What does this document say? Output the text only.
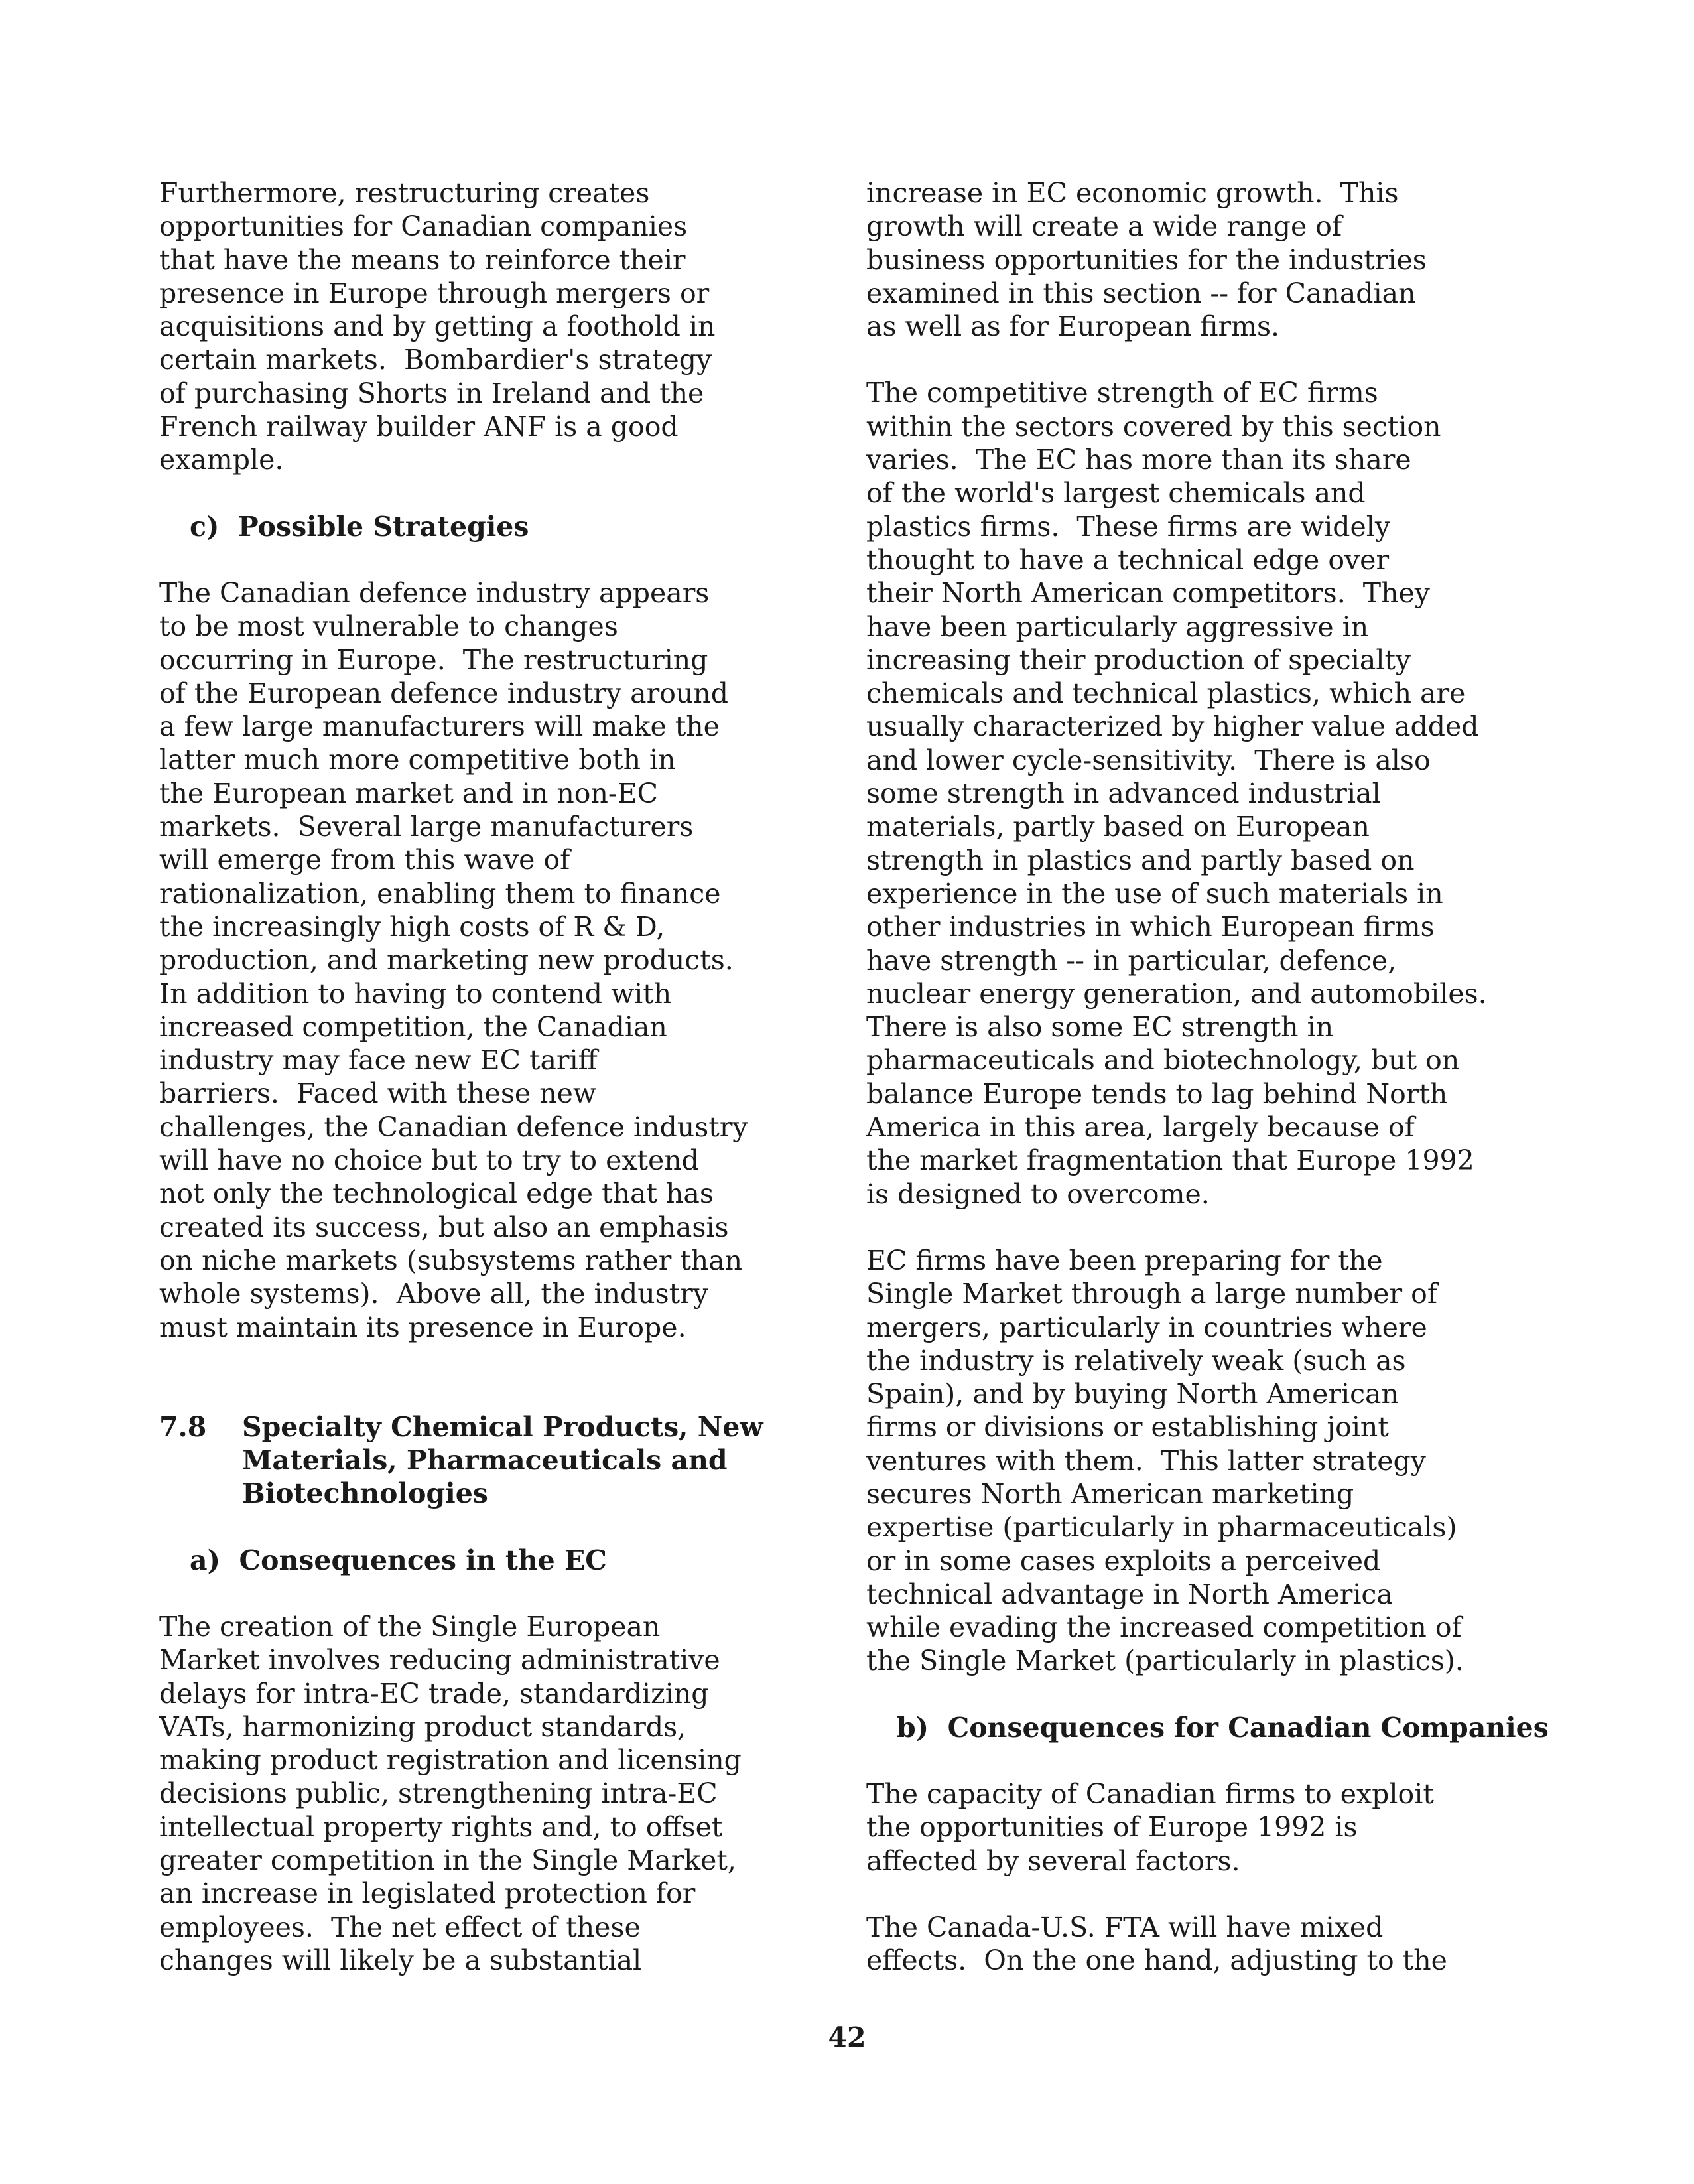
Furthermore, restructuring creates
opportunities for Canadian companies
that have the means to reinforce their
presence in Europe through mergers or
acquisitions and by getting a foothold in
certain markets.  Bombardier's strategy
of purchasing Shorts in Ireland and the
French railway builder ANF is a good
example.

c)  Possible Strategies

The Canadian defence industry appears
to be most vulnerable to changes
occurring in Europe.  The restructuring
of the European defence industry around
a few large manufacturers will make the
latter much more competitive both in
the European market and in non-EC
markets.  Several large manufacturers
will emerge from this wave of
rationalization, enabling them to finance
the increasingly high costs of R & D,
production, and marketing new products.
In addition to having to contend with
increased competition, the Canadian
industry may face new EC tariff
barriers.  Faced with these new
challenges, the Canadian defence industry
will have no choice but to try to extend
not only the technological edge that has
created its success, but also an emphasis
on niche markets (subsystems rather than
whole systems).  Above all, the industry
must maintain its presence in Europe.

7.8	Specialty Chemical Products, New
Materials, Pharmaceuticals and
Biotechnologies

a)  Consequences in the EC

The creation of the Single European
Market involves reducing administrative
delays for intra-EC trade, standardizing
VATs, harmonizing product standards,
making product registration and licensing
decisions public, strengthening intra-EC
intellectual property rights and, to offset
greater competition in the Single Market,
an increase in legislated protection for
employees.  The net effect of these
changes will likely be a substantial

increase in EC economic growth.  This
growth will create a wide range of
business opportunities for the industries
examined in this section -- for Canadian
as well as for European firms.

The competitive strength of EC firms
within the sectors covered by this section
varies.  The EC has more than its share
of the world's largest chemicals and
plastics firms.  These firms are widely
thought to have a technical edge over
their North American competitors.  They
have been particularly aggressive in
increasing their production of specialty
chemicals and technical plastics, which are
usually characterized by higher value added
and lower cycle-sensitivity.  There is also
some strength in advanced industrial
materials, partly based on European
strength in plastics and partly based on
experience in the use of such materials in
other industries in which European firms
have strength -- in particular, defence,
nuclear energy generation, and automobiles.
There is also some EC strength in
pharmaceuticals and biotechnology, but on
balance Europe tends to lag behind North
America in this area, largely because of
the market fragmentation that Europe 1992
is designed to overcome.

EC firms have been preparing for the
Single Market through a large number of
mergers, particularly in countries where
the industry is relatively weak (such as
Spain), and by buying North American
firms or divisions or establishing joint
ventures with them.  This latter strategy
secures North American marketing
expertise (particularly in pharmaceuticals)
or in some cases exploits a perceived
technical advantage in North America
while evading the increased competition of
the Single Market (particularly in plastics).

b)  Consequences for Canadian Companies

The capacity of Canadian firms to exploit
the opportunities of Europe 1992 is
affected by several factors.

The Canada-U.S. FTA will have mixed
effects.  On the one hand, adjusting to the

42
